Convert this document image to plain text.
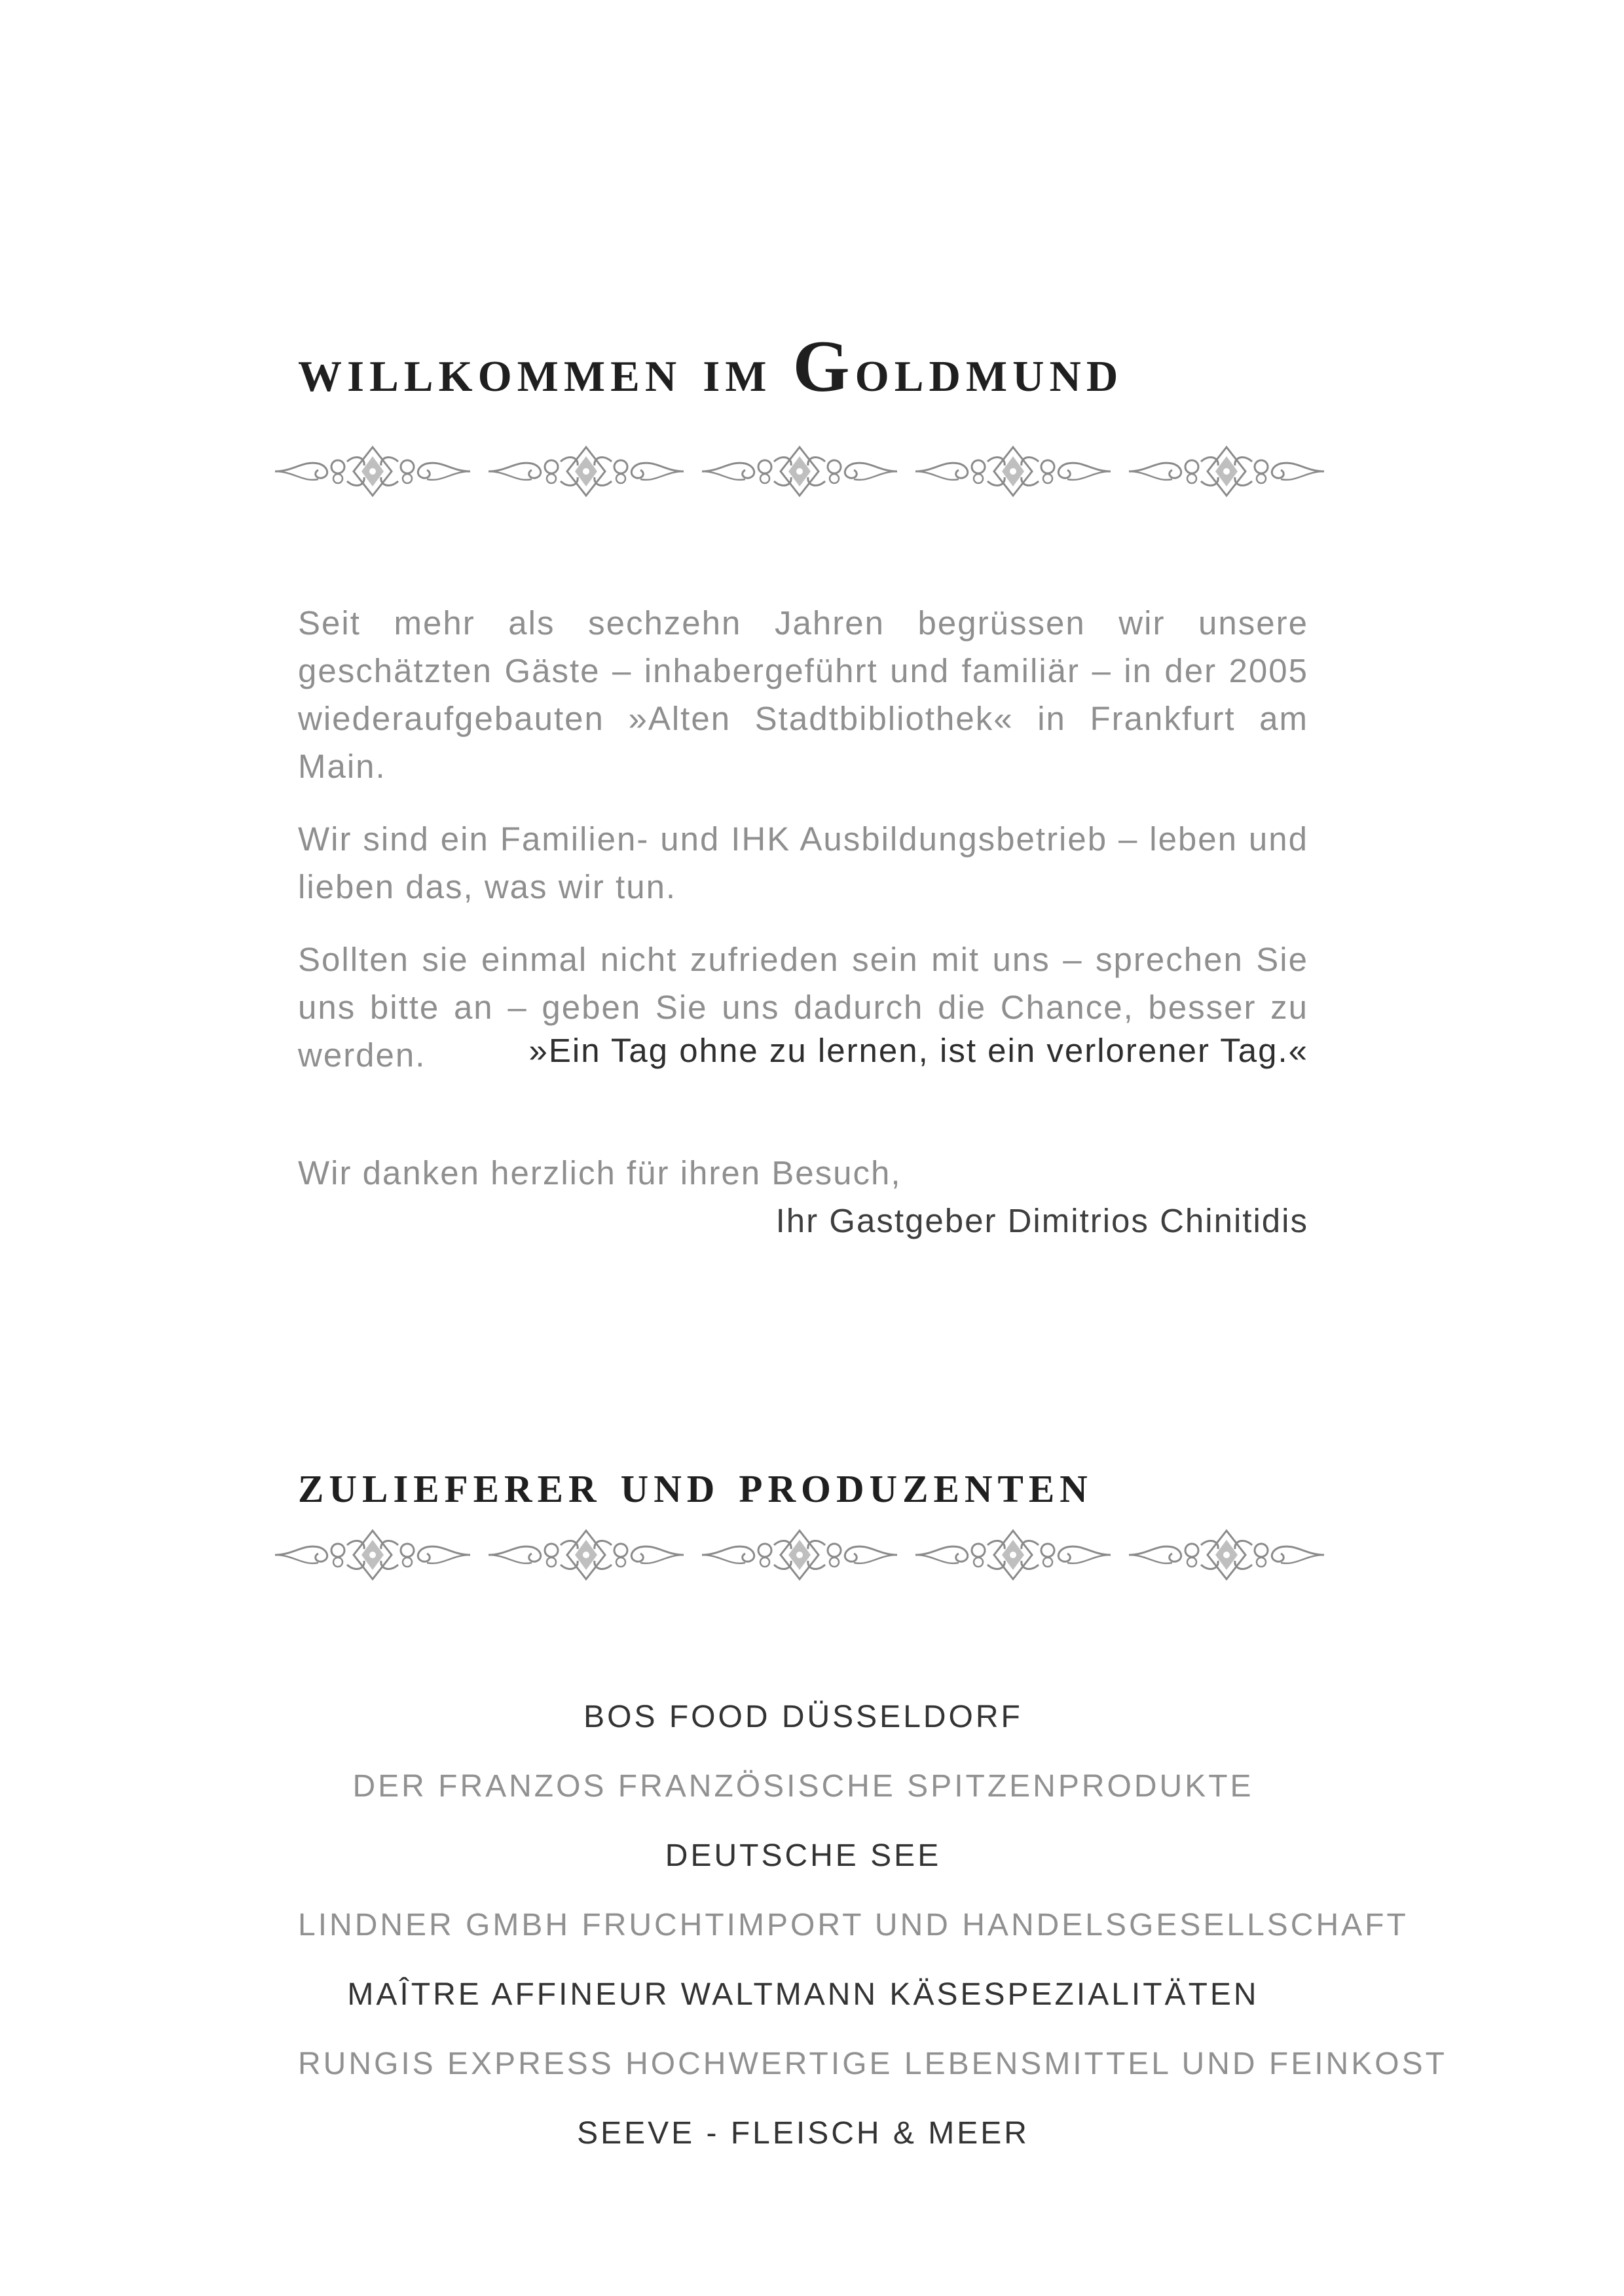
willkommen im Goldmund

Seit mehr als sechzehn Jahren begrüssen wir unsere geschätzten Gäste – inhabergeführt und familiär – in der 2005 wiederaufgebauten »Alten Stadtbibliothek« in Frankfurt am Main.

Wir sind ein Familien- und IHK Ausbildungsbetrieb – leben und lieben das, was wir tun.

Sollten sie einmal nicht zufrieden sein mit uns – sprechen Sie uns bitte an – geben Sie uns dadurch die Chance, besser zu werden.	»Ein Tag ohne zu lernen, ist ein verlorener Tag.«
Wir danken herzlich für ihren Besuch,
Ihr Gastgeber Dimitrios Chinitidis
zulieferer und produzenten
BOS FOOD DÜSSELDORF
DER FRANZOS FRANZÖSISCHE SPITZENPRODUKTE
DEUTSCHE SEE
LINDNER GMBH FRUCHTIMPORT UND HANDELSGESELLSCHAFT
MAÎTRE AFFINEUR WALTMANN KÄSESPEZIALITÄTEN
RUNGIS EXPRESS HOCHWERTIGE LEBENSMITTEL UND FEINKOST
SEEVE - FLEISCH & MEER
